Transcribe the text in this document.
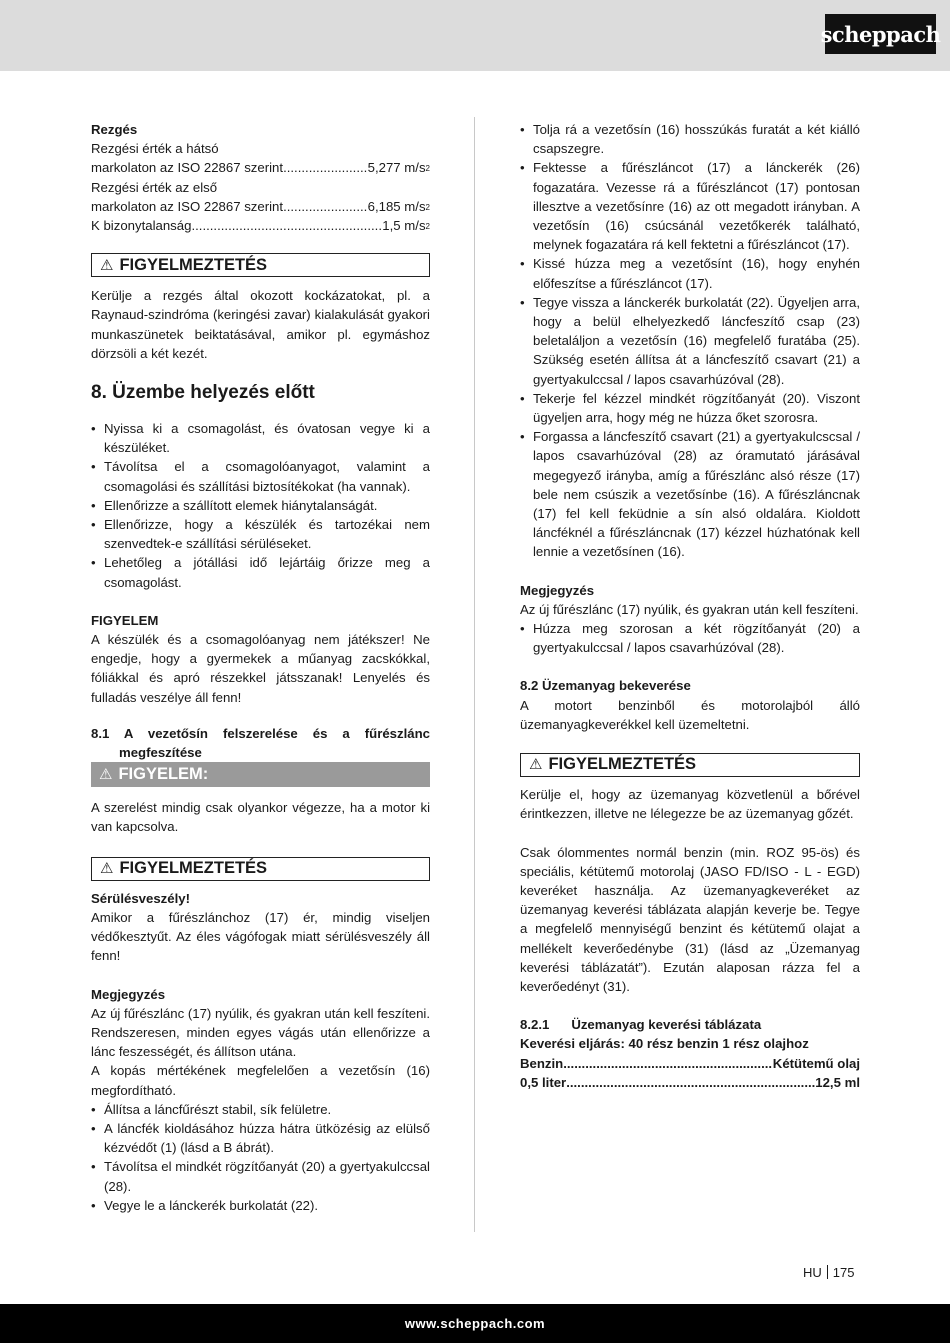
scheppach

Rezgés

Rezgési érték a hátsó

markolaton az ISO 22867 szerint .....	5,277 $m/s^2$

Rezgési érték az első

markolaton az ISO 22867 szerint .....	6,185 $m/s^2$
K bizonytalanság .....	1,5 $m/s^2$
⚠ FIGYELMEZTETÉS

Kerülje a rezgés által okozott kockázatokat, pl. a Raynaud-szindróma (keringési zavar) kialakulását gyakori munkaszünetek beiktatásával, amikor pl. egymáshoz dörzsöli a két kezét.

8. Üzembe helyezés előtt
• Nyissa ki a csomagolást, és óvatosan vegye ki a készüléket.
• Távolítsa el a csomagolóanyagot, valamint a csomagolási és szállítási biztosítékokat (ha vannak).
• Ellenőrizze a szállított elemek hiánytalanságát.
• Ellenőrizze, hogy a készülék és tartozékai nem szenvedtek-e szállítási sérüléseket.
• Lehetőleg a jótállási idő lejártáig őrizze meg a csomagolást.

FIGYELEM

A készülék és a csomagolóanyag nem játékszer! Ne engedje, hogy a gyermekek a műanyag zacskókkal, fóliákkal és apró részekkel játsszanak! Lenyelés és fulladás veszélye áll fenn!

8.1 A vezetősín felszerelése és a fűrészlánc megfeszítése
⚠ FIGYELEM:

A szerelést mindig csak olyankor végezze, ha a motor ki van kapcsolva.

⚠ FIGYELMEZTETÉS

Sérülésveszély!

Amikor a fűrészlánchoz (17) ér, mindig viseljen védőkesztyűt. Az éles vágófogak miatt sérülésveszély áll fenn!

Megjegyzés

Az új fűrészlánc (17) nyúlik, és gyakran után kell feszíteni. Rendszeresen, minden egyes vágás után ellenőrizze a lánc feszességét, és állítson utána.

A kopás mértékének megfelelően a vezetősín (16) megfordítható.

• Állítsa a láncfűrészt stabil, sík felületre.
• A láncfék kioldásához húzza hátra ütközésig az elülső kézvédőt (1) (lásd a B ábrát).
• Távolítsa el mindkét rögzítőanyát (20) a gyertyakulccsal (28).
• Vegye le a lánckerék burkolatát (22).
• Tolja rá a vezetősín (16) hosszúkás furatát a két kiálló csapszegre.
• Fektesse a fűrészláncot (17) a lánckerék (26) fogazatára. Vezesse rá a fűrészláncot (17) pontosan illesztve a vezetősínre (16) az ott megadott irányban. A vezetősín (16) csúcsánál vezetőkerék található, melynek fogazatára rá kell fektetni a fűrészláncot (17).
• Kissé húzza meg a vezetősínt (16), hogy enyhén előfeszítse a fűrészláncot (17).
• Tegye vissza a lánckerék burkolatát (22). Ügyeljen arra, hogy a belül elhelyezkedő láncfeszítő csap (23) beletaláljon a vezetősín (16) megfelelő furatába (25). Szükség esetén állítsa át a láncfeszítő csavart (21) a gyertyakulccsal / lapos csavarhúzóval (28).
• Tekerje fel kézzel mindkét rögzítőanyát (20). Viszont ügyeljen arra, hogy még ne húzza őket szorosra.
• Forgassa a láncfeszítő csavart (21) a gyertyakulcscsal / lapos csavarhúzóval (28) az óramutató járásával megegyező irányba, amíg a fűrészlánc alsó része (17) bele nem csúszik a vezetősínbe (16). A fűrészláncnak (17) fel kell feküdnie a sín alsó oldalára. Kioldott láncféknél a fűrészláncnak (17) kézzel húzhatónak kell lennie a vezetősínen (16).

Megjegyzés

Az új fűrészlánc (17) nyúlik, és gyakran után kell feszíteni.

• Húzza meg szorosan a két rögzítőanyát (20) a gyertyakulccsal / lapos csavarhúzóval (28).
8.2 Üzemanyag bekeverése

A motort benzinből és motorolajból álló üzemanyagkeverékkel kell üzemeltetni.

⚠ FIGYELMEZTETÉS

Kerülje el, hogy az üzemanyag közvetlenül a bőrével érintkezzen, illetve ne lélegezze be az üzemanyag gőzét.

Csak ólommentes normál benzin (min. ROZ 95-ös) és speciális, kétütemű motorolaj (JASO FD/ISO - L - EGD) keveréket használja. Az üzemanyagkeveréket az üzemanyag keverési táblázata alapján keverje be. Tegye a megfelelő mennyiségű benzint és kétütemű olajat a mellékelt keverőedénybe (31) (lásd az „Üzemanyag keverési táblázatát”). Ezután alaposan rázza fel a keverőedényt (31).

8.2.1      Üzemanyag keverési táblázata

Keverési eljárás: 40 rész benzin 1 rész olajhoz

Benzin .....	Kétütemű olaj
0,5 liter .....	12,5 ml
HU 175
www.scheppach.com
